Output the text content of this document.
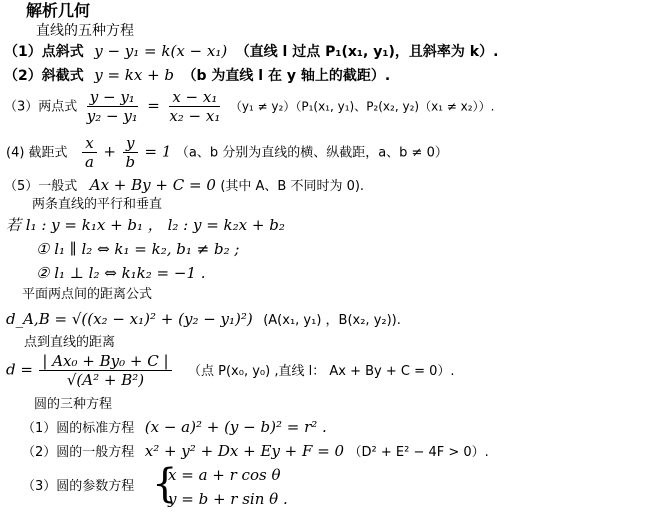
解析几何
直线的五种方程
（1）点斜式 y − y₁ = k(x − x₁) （直线 l 过点 P₁(x₁, y₁)，且斜率为 k）.
（2）斜截式 y = kx + b （b 为直线 l 在 y 轴上的截距）.
（3）两点式 $\frac{\text{y − y₁}}{\text{y₂ − y₁}} = \frac{\text{x − x₁}}{\text{x₂ − x₁}} (y_1 \ne y_2)(P_1(x_1$, y₁)、P₂(x₂, y₂)（x₁ ≠ x₂））.
(4) 截距式 $\frac{x}{a} + \frac{y}{b} = 1$ （a、b 分别为直线的横、纵截距，a、b ≠ 0）
（5）一般式 Ax + By + C = 0 (其中 A、B 不同时为 0).
两条直线的平行和垂直
若 l₁ : y = k₁x + b₁ ， l₂ : y = k₂x + b₂
① l₁ ∥ l₂ ⇔ k₁ = k₂, b₁ ≠ b₂ ;
② l₁ ⊥ l₂ ⇔ k₁k₂ = −1 .
平面两点间的距离公式
d_A,B = √((x₂ − x₁)² + (y₂ − y₁)²) (A(x₁, y₁) ，B(x₂, y₂)).
点到直线的距离
$d = \frac{\text{| Ax₀ + By₀ + C |}}{\text{√(A² + B²)}}$ （点 P(x₀, y₀) ,直线 l： Ax + By + C = 0）.
圆的三种方程
（1）圆的标准方程 (x − a)² + (y − b)² = r² .
（2）圆的一般方程 x² + y² + Dx + Ey + F = 0 （D² + E² − 4F > 0）.
（3）圆的参数方程 {
x = a + r cos θ
y = b + r sin θ .
